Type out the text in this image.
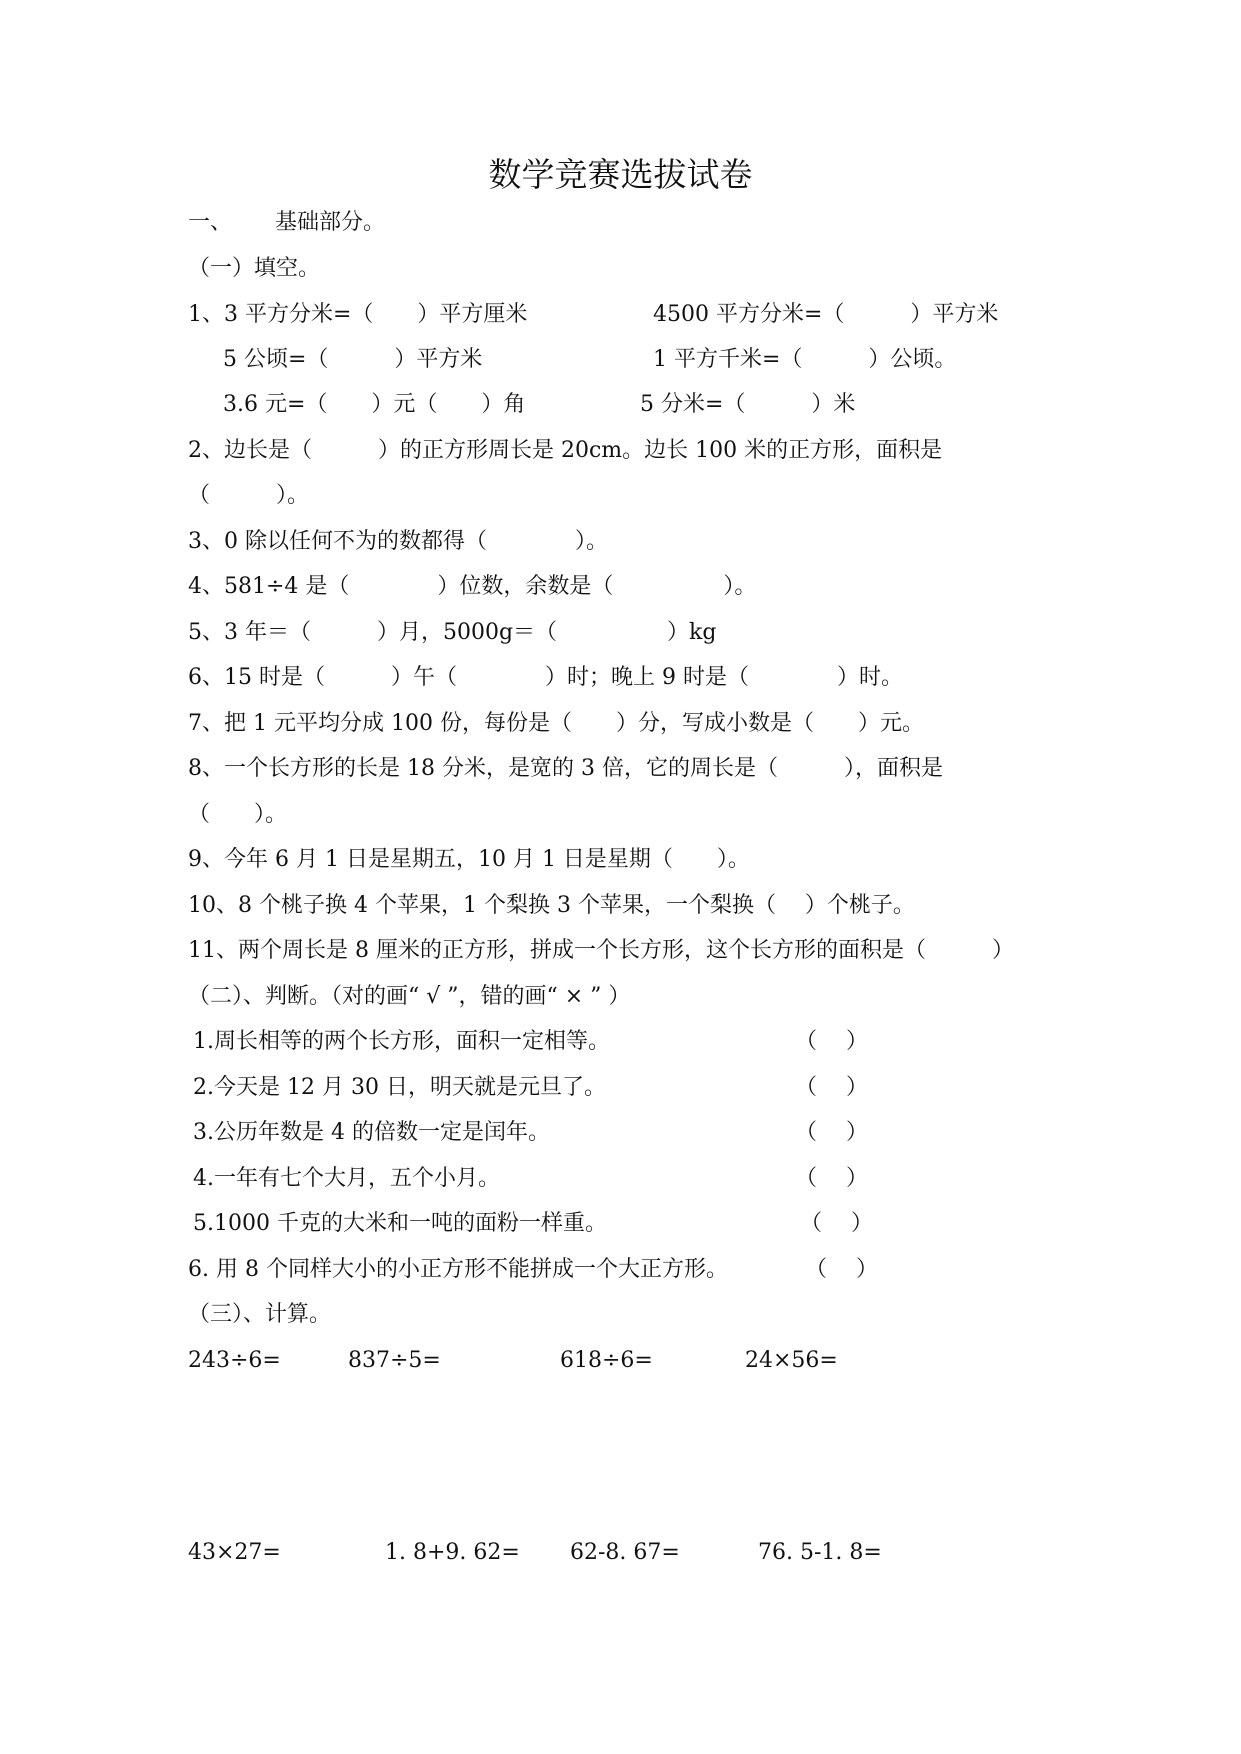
数学竞赛选拔试卷
一、 基础部分。
（一）填空。
1、3 平方分米=（　　）平方厘米	4500 平方分米=（　　　）平方米
5 公顷=（　　　）平方米	1 平方千米=（　　　）公顷。
3.6 元=（　　）元（　　）角	5 分米=（　　　）米
2、边长是（　　　）的正方形周长是 20cm。边长 100 米的正方形，面积是
（　　　）。
3、0 除以任何不为的数都得（　　　　）。
4、581÷4 是（　　　　）位数，余数是（　　　　　）。
5、3 年＝（　　　）月，5000g＝（　　　　　）kg
6、15 时是（　　　）午（　　　　）时；晚上 9 时是（　　　　）时。
7、把 1 元平均分成 100 份，每份是（　　）分，写成小数是（　　）元。
8、一个长方形的长是 18 分米，是宽的 3 倍，它的周长是（　　　），面积是
（　　）。
9、今年 6 月 1 日是星期五，10 月 1 日是星期（　　）。
10、8 个桃子换 4 个苹果，1 个梨换 3 个苹果，一个梨换（　 ）个桃子。
11、两个周长是 8 厘米的正方形，拼成一个长方形，这个长方形的面积是（　　　）
（二）、判断。（对的画“ √ ”，错的画“ × ” ）
1.周长相等的两个长方形，面积一定相等。	（　 ）
2.今天是 12 月 30 日，明天就是元旦了。	（　 ）
3.公历年数是 4 的倍数一定是闰年。	（　 ）
4.一年有七个大月，五个小月。	（　 ）
5.1000 千克的大米和一吨的面粉一样重。	（　 ）
6. 用 8 个同样大小的小正方形不能拼成一个大正方形。	（　 ）
（三）、计算。
243÷6=	837÷5=	618÷6=	24×56=
43×27=	1. 8+9. 62= 62-8. 67=	76. 5-1. 8=
